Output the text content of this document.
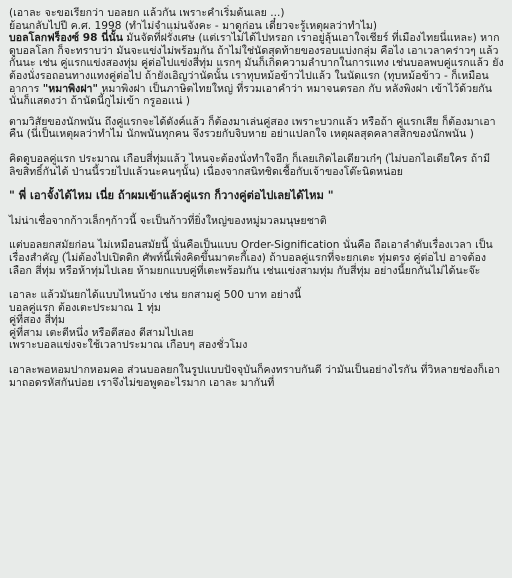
(เอาละ จะขอเรียกว่า บอลยก แล้วกัน เพราะคำเริ่มต้นเลย ...)
ย้อนกลับไปปี ค.ศ. 1998 (ทำไม่จำแม่นจังคะ - มาดูก่อน เดี๋ยวจะรู้เหตุผลว่าทำไม)
บอลโลกฟร็องซ์ 98 นี่นั้น มันจัดที่ฝรั่งเศษ (แต่เราไม่ได้ไปหรอก เราอยู่ลุ้นเอาใจเชียร์ ที่เมืองไทยนี่แหละ) หากดูบอลโลก ก็จะทราบว่า มันจะแข่งไม่พร้อมกัน ถ้าไม่ใช่นัดสุดท้ายของรอบแบ่งกลุ่ม คือไง เอาเวลาคร่าวๆ แล้วกันนะ เช่น คู่แรกแข่งสองทุ่ม คู่ต่อไปแข่งสี่ทุ่ม แรกๆ มันก็เกิดความลำบากในการแทง เช่นบอลพบคู่แรกแล้ว ยังต้องนั่งรอถอนทางแทงคู่ต่อไป ถ้ายังเอิญว่านัดนั้น เราทุบหม้อข้าวไปแล้ว ในนัดแรก (ทุบหม้อข้าว - ก็เหมือนอาการ "หมาพิงฝา" หมาพิงฝา เป็นภาษิตไทยใหญ่ ที่รวมเอาคำว่า หมาจนตรอก กับ หลังพิงฝา เข้าไว้ด้วยกัน นั่นก็แสดงว่า ถ้านัดนี้กูไม่เข้า กรูออเเน่ )
ตามวิสัยของนักพนัน ถึงคู่แรกจะได้ดังค์แล้ว ก็ต้องมาเล่นคู่สอง เพราะบวกแล้ว หรือถ้า คู่แรกเสีย ก็ต้องมาเอาคืน (นี่เป็นเหตุผลว่าทำไม นักพนันทุกคน จึงรวยกับจิบหาย อย่าแปลกใจ เหตุผลสุดคลาสสิกของนักพนัน )
คิดดูบอลคู่แรก ประมาณ เกือบสี่ทุ่มแล้ว ไหนจะต้องนั่งทำใจอีก ก็เลยเกิดไอเดียวเก๋ๆ (ไม่บอกไอเดียใคร ถ้ามีลิขสิทธิ์กันได้ ป่านนี้รวยไปแล้วนะคนๆนั้น) เนื่องจากสนิทชิดเชื้อกับเจ้าของโต๊ะนิดหน่อย
" พี่ เอาจั้งได้ไหม เนี่ย ถ้าผมเข้าแล้วคู่แรก ก็วางคู่ต่อไปเลยได้ไหม "
ไม่น่าเชื่อจากก้าวเล็กๆก้าวนี้ จะเป็นก้าวที่ยิ่งใหญ่ของหมู่มวลมนุษยชาติ
แต่บอลยกสมัยก่อน ไม่เหมือนสมัยนี้ นั่นคือเป็นแบบ Order-Signification นั่นคือ ถือเอาลำดับเรื่องเวลา เป็นเรื่องสำคัญ (ไม่ต้องไปเปิดดิก ศัพท์นี้เพิ่งคิดขึ้นมาตะกี้เอง) ถ้าบอลคู่แรกที่จะยกเตะ ทุ่มตรง คู่ต่อไป อาจต้องเลือก สี่ทุ่ม หรือห้าทุ่มไปเลย ห้ามยกแบบคู่ที่เตะพร้อมกัน เช่นแข่งสามทุ่ม กับสี่ทุ่ม อย่างนี้ยกกันไม่ได้นะจ๊ะ
เอาละ แล้วมันยกได้แบบไหนบ้าง เช่น ยกสามคู่ 500 บาท อย่างนี้
บอลคู่แรก ต้องเตะประมาณ 1 ทุ่ม
คู่ที่สอง สี่ทุ่ม
คู่ที่สาม เตะตีหนึ่ง หรือตีสอง ตีสามไปเลย
เพราะบอลแข่งจะใช้เวลาประมาณ เกือบๆ สองชั่วโมง
เอาละพอหอมปากหอมคอ ส่วนบอลยกในรูปแบบปัจจุบันก็คงทราบกันดี ว่ามันเป็นอย่างไรกัน ที่วิหลายช่องก็เอามาถอดรหัสกันบ่อย เราจึงไม่ขอพูดอะไรมาก เอาละ มากันที่
